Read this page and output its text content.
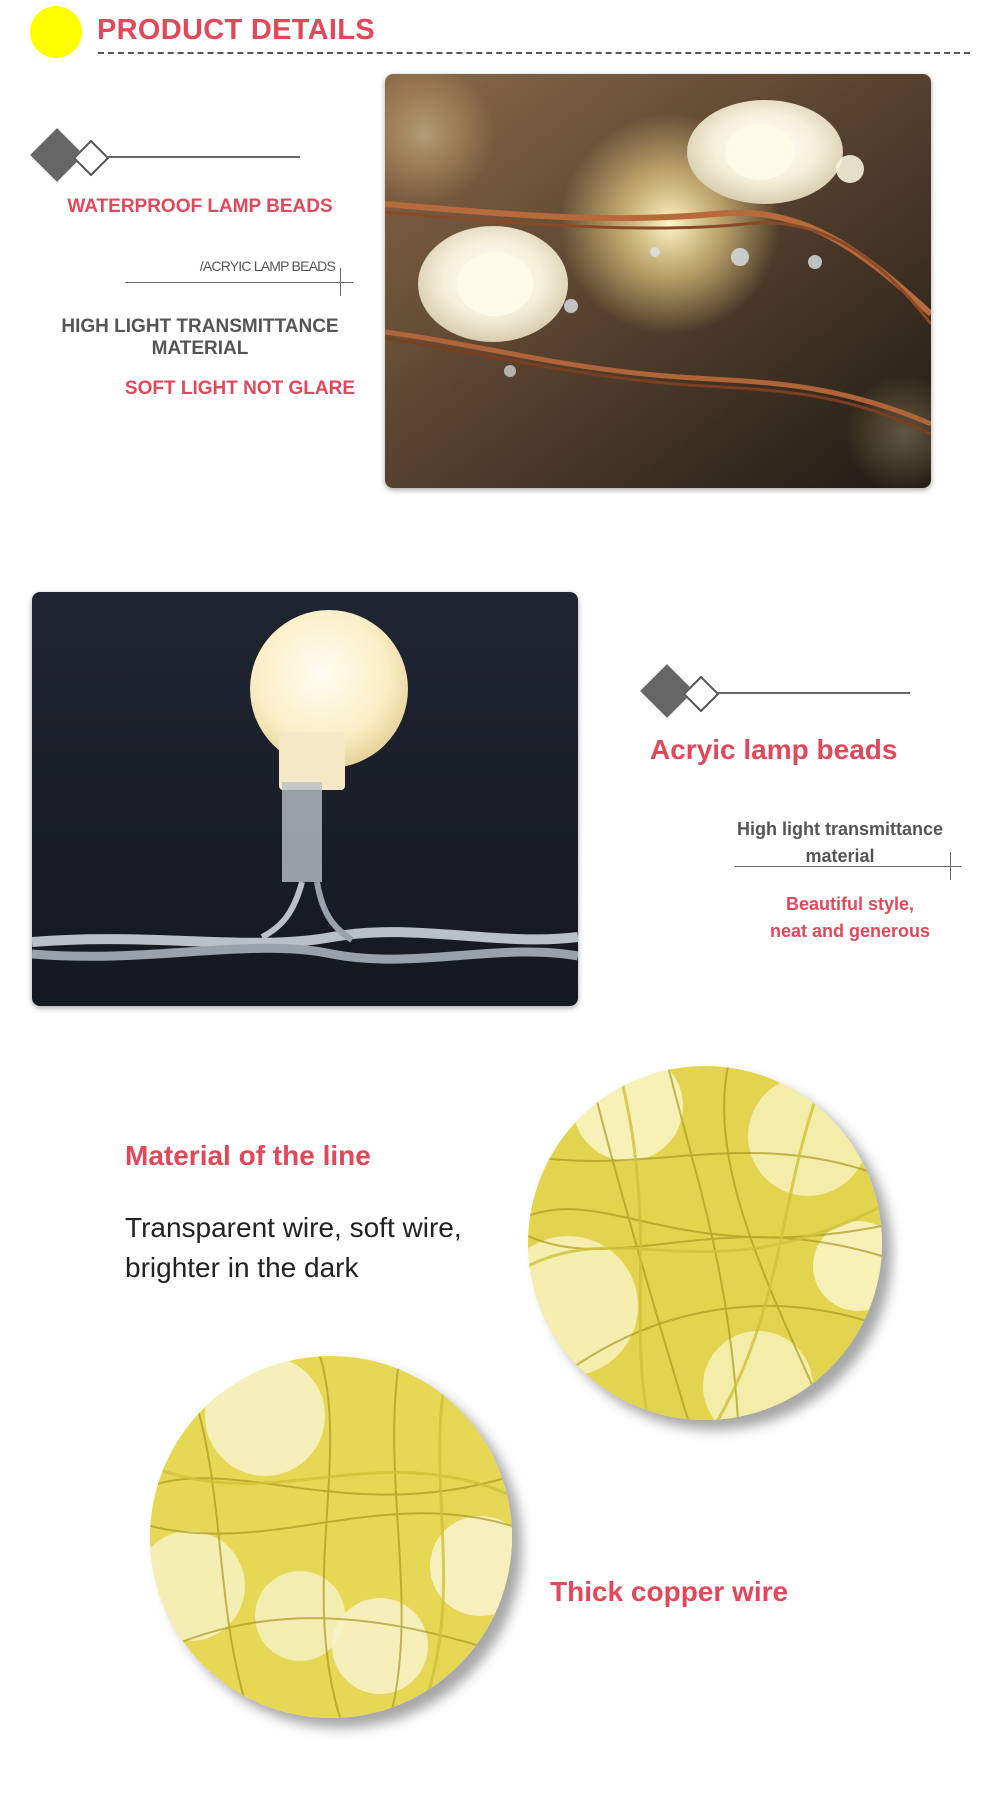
PRODUCT DETAILS
WATERPROOF LAMP BEADS
/ACRYIC LAMP BEADS
HIGH LIGHT TRANSMITTANCE MATERIAL
SOFT LIGHT NOT GLARE
Acryic lamp beads
High light transmittance material
Beautiful style,
neat and generous
Material of the line
Transparent wire, soft wire,
brighter in the dark
Thick copper wire
